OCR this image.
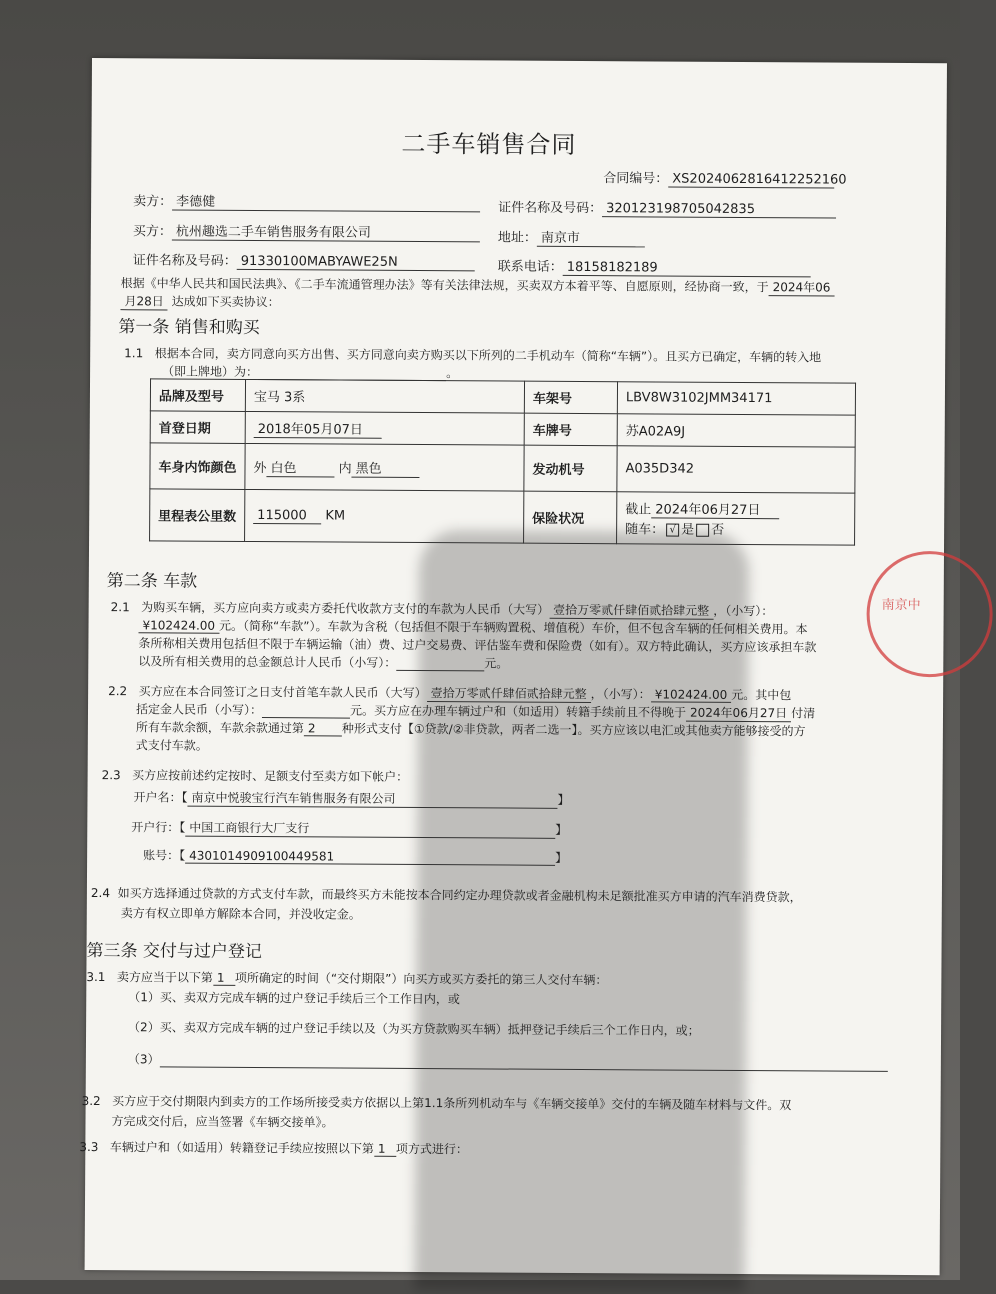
二手车销售合同
合同编号： XS20240628164122521​60
卖方： 李德健	证件名称及号码： 320123198705042835
买方： 杭州趣选二手车销售服务有限公司	地址： 南京市
证件名称及号码： 91330100MABYAWE25N	联系电话： 18158182189
根据《中华人民共和国民法典》、《二手车流通管理办法》等有关法律法规，买卖双方本着平等、自愿原则，经协商一致，于 2024年06
月28日 达成如下买卖协议：
第一条 销售和购买
1.1 根据本合同，卖方同意向买方出售、买方同意向卖方购买以下所列的二手机动车（简称“车辆”）。且买方已确定，车辆的转入地
（即上牌地）为：	。
品牌及型号	宝马 3系	车架号	LBV8W3102JMM34171
首登日期	2018年05月07日	车牌号	苏A02A9J
车身内饰颜色	外 白色 内 黑色	发动机号	A035D342
里程表公里数	115000 KM	保险状况	截止 2024年06月27日
随车： √ 是 否
南京中
第二条 车款
2.1 为购买车辆，买方应向卖方或卖方委托代收款方支付的车款为人民币（大写） 壹拾万零贰仟肆佰贰拾肆元整 ，（小写）：
¥102424.00 元。（简称“车款”）。车款为含税（包括但不限于车辆购置税、增值税）车价，但不包含车辆的任何相关费用。本
条所称相关费用包括但不限于车辆运输（油）费、过户交易费、评估鉴车费和保险费（如有）。双方特此确认，买方应该承担车款
以及所有相关费用的总金额总计人民币（小写）：	元。
2.2 买方应在本合同签订之日支付首笔车款人民币（大写） 壹拾万零贰仟肆佰贰拾肆元整 ，（小写）： ¥102424.00 元。其中包
括定金人民币（小写）：	元。买方应在办理车辆过户和（如适用）转籍手续前且不得晚于 2024年06月27日 付清
所有车款余额，车款余款通过第 2 种形式支付【①贷款/②非贷款，两者二选一】。买方应该以电汇或其他卖方能够接受的方
式支付车款。
2.3 买方应按前述约定按时、足额支付至卖方如下帐户：
开户名：【 南京中悦骏宝行汽车销售服务有限公司	】
开户行：【 中国工商银行大厂支行	】
账号：【 4301014909100449581	】
2.4 如买方选择通过贷款的方式支付车款，而最终买方未能按本合同约定办理贷款或者金融机构未足额批准买方申请的汽车消费贷款，
卖方有权立即单方解除本合同，并没收定金。
第三条 交付与过户登记
3.1 卖方应当于以下第 1 项所确定的时间（“交付期限”）向买方或买方委托的第三人交付车辆：
（1）买、卖双方完成车辆的过户登记手续后三个工作日内，或
（2）买、卖双方完成车辆的过户登记手续以及（为买方贷款购买车辆）抵押登记手续后三个工作日内，或；
（3）
3.2 买方应于交付期限内到卖方的工作场所接受卖方依据以上第1.1条所列机动车与《车辆交接单》交付的车辆及随车材料与文件。双
方完成交付后，应当签署《车辆交接单》。
3.3 车辆过户和（如适用）转籍登记手续应按照以下第 1 项方式进行：
